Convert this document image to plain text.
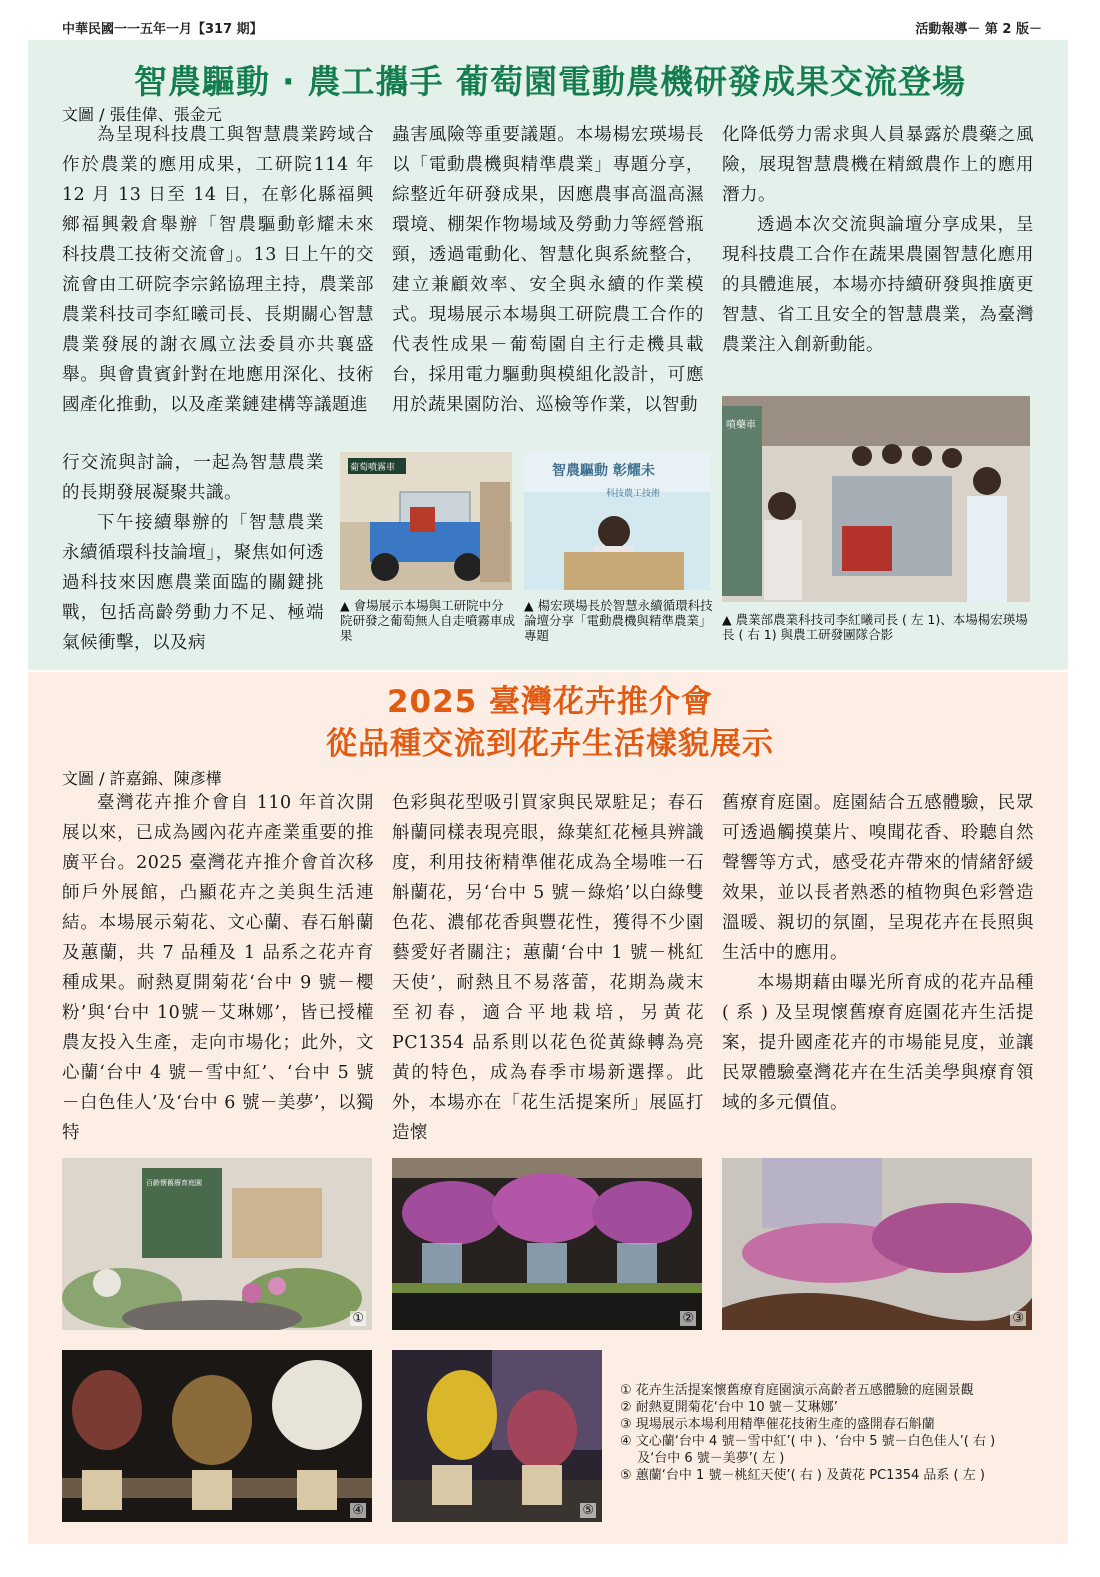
中華民國一一五年一月【317 期】	活動報導－ 第 2 版－
智農驅動 ‧ 農工攜手 葡萄園電動農機研發成果交流登場
文圖 / 張佳偉、張金元

為呈現科技農工與智慧農業跨域合作於農業的應用成果，工研院114 年 12 月 13 日至 14 日，在彰化縣福興鄉福興穀倉舉辦「智農驅動彰耀未來 科技農工技術交流會」。13 日上午的交流會由工研院李宗銘協理主持，農業部農業科技司李紅曦司長、長期關心智慧農業發展的謝衣鳳立法委員亦共襄盛舉。與會貴賓針對在地應用深化、技術國產化推動，以及產業鏈建構等議題進

行交流與討論，一起為智慧農業的長期發展凝聚共識。

下午接續舉辦的「智慧農業永續循環科技論壇」，聚焦如何透過科技來因應農業面臨的關鍵挑戰，包括高齡勞動力不足、極端氣候衝擊，以及病

蟲害風險等重要議題。本場楊宏瑛場長以「電動農機與精準農業」專題分享，綜整近年研發成果，因應農事高溫高濕環境、棚架作物場域及勞動力等經營瓶頸，透過電動化、智慧化與系統整合，建立兼顧效率、安全與永續的作業模式。現場展示本場與工研院農工合作的代表性成果－葡萄園自主行走機具載台，採用電力驅動與模組化設計，可應用於蔬果園防治、巡檢等作業，以智動

化降低勞力需求與人員暴露於農藥之風險，展現智慧農機在精緻農作上的應用潛力。

透過本次交流與論壇分享成果，呈現科技農工合作在蔬果農園智慧化應用的具體進展，本場亦持續研發與推廣更智慧、省工且安全的智慧農業，為臺灣農業注入創新動能。

葡萄噴霧車
▲ 會場展示本場與工研院中分院研發之葡萄無人自走噴霧車成果
智農驅動 彰耀未
科技農工技術
▲ 楊宏瑛場長於智慧永續循環科技論壇分享「電動農機與精準農業」專題
噴藥車
▲ 農業部農業科技司李紅曦司長 ( 左 1)、本場楊宏瑛場長 ( 右 1) 與農工研發團隊合影
2025 臺灣花卉推介會
從品種交流到花卉生活樣貌展示
文圖 / 許嘉錦、陳彥樺

臺灣花卉推介會自 110 年首次開展以來，已成為國內花卉產業重要的推廣平台。2025 臺灣花卉推介會首次移師戶外展館，凸顯花卉之美與生活連結。本場展示菊花、文心蘭、春石斛蘭及蕙蘭，共 7 品種及 1 品系之花卉育種成果。耐熱夏開菊花‘台中 9 號－櫻粉’與‘台中 10號－艾琳娜’，皆已授權農友投入生產，走向市場化；此外，文心蘭‘台中 4 號－雪中紅’、‘台中 5 號－白色佳人’及‘台中 6 號－美夢’，以獨特

色彩與花型吸引買家與民眾駐足；春石斛蘭同樣表現亮眼，綠葉紅花極具辨識度，利用技術精準催花成為全場唯一石斛蘭花，另‘台中 5 號－綠焰’以白綠雙色花、濃郁花香與豐花性，獲得不少園藝愛好者關注；蕙蘭‘台中 1 號－桃紅天使’，耐熱且不易落蕾，花期為歲末至初春，適合平地栽培，另黃花 PC1354 品系則以花色從黃綠轉為亮黃的特色，成為春季市場新選擇。此外，本場亦在「花生活提案所」展區打造懷

舊療育庭園。庭園結合五感體驗，民眾可透過觸摸葉片、嗅聞花香、聆聽自然聲響等方式，感受花卉帶來的情緒舒緩效果，並以長者熟悉的植物與色彩營造溫暖、親切的氛圍，呈現花卉在長照與生活中的應用。

本場期藉由曝光所育成的花卉品種 ( 系 ) 及呈現懷舊療育庭園花卉生活提案，提升國產花卉的市場能見度，並讓民眾體驗臺灣花卉在生活美學與療育領域的多元價值。

百齡懷舊療育庭園
①	②	③
④	⑤
① 花卉生活提案懷舊療育庭園演示高齡者五感體驗的庭園景觀
② 耐熱夏開菊花‘台中 10 號－艾琳娜’
③ 現場展示本場利用精準催花技術生產的盛開春石斛蘭
④ 文心蘭‘台中 4 號－雪中紅’( 中 )、‘台中 5 號－白色佳人’( 右 )
　 及‘台中 6 號－美夢’( 左 )
⑤ 蕙蘭‘台中 1 號－桃紅天使’( 右 ) 及黃花 PC1354 品系 ( 左 )
